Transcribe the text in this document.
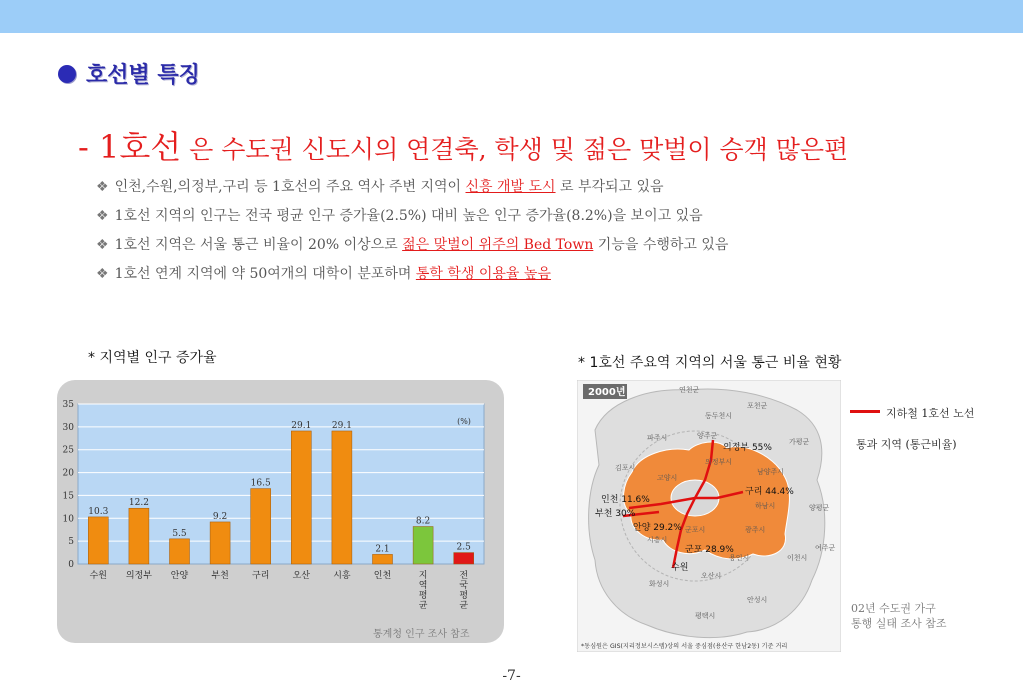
호선별 특징
- 1호선 은 수도권 신도시의 연결축, 학생 및 젊은 맞벌이 승객 많은편
❖ 인천,수원,의정부,구리 등 1호선의 주요 역사 주변 지역이 신흥 개발 도시 로 부각되고 있음
❖ 1호선 지역의 인구는 전국 평균 인구 증가율(2.5%) 대비 높은 인구 증가율(8.2%)을 보이고 있음
❖ 1호선 지역은 서울 통근 비율이 20% 이상으로 젊은 맞벌이 위주의 Bed Town 기능을 수행하고 있음
❖ 1호선 연계 지역에 약 50여개의 대학이 분포하며 통학 학생 이용율 높음
* 지역별 인구 증가율	* 1호선 주요역 지역의 서울 통근 비율 현황
0
5
10
15
20
25
30
35
(%)
10.3
수원
12.2
의정부
5.5
안양
9.2
부천
16.5
구리
29.1
오산
29.1
시흥
2.1
인천
8.2
지 역 평 균
2.5
전 국 평 균
통계청 인구 조사 참조
2000년	연천군
포천군
동두천시
파주시	양주군
가평군
의정부시
김포시
고양시
남양주시
양평군
하남시
광주시
이천시
시흥시
군포시
용인시
여주군
오산시
화성시
안성시
평택시
의정부 55%
구리 44.4%
인천 11.6%
부천 30%
안양 29.2%
군포 28.9%
수원
*동심원은 GIS(지리정보시스템)상의 서울 중심점(용산구 한남2동) 기준 거리
지하철 1호선 노선
통과 지역 (통근비율)
02년 수도권 가구
통행 실태 조사 참조
-7-
